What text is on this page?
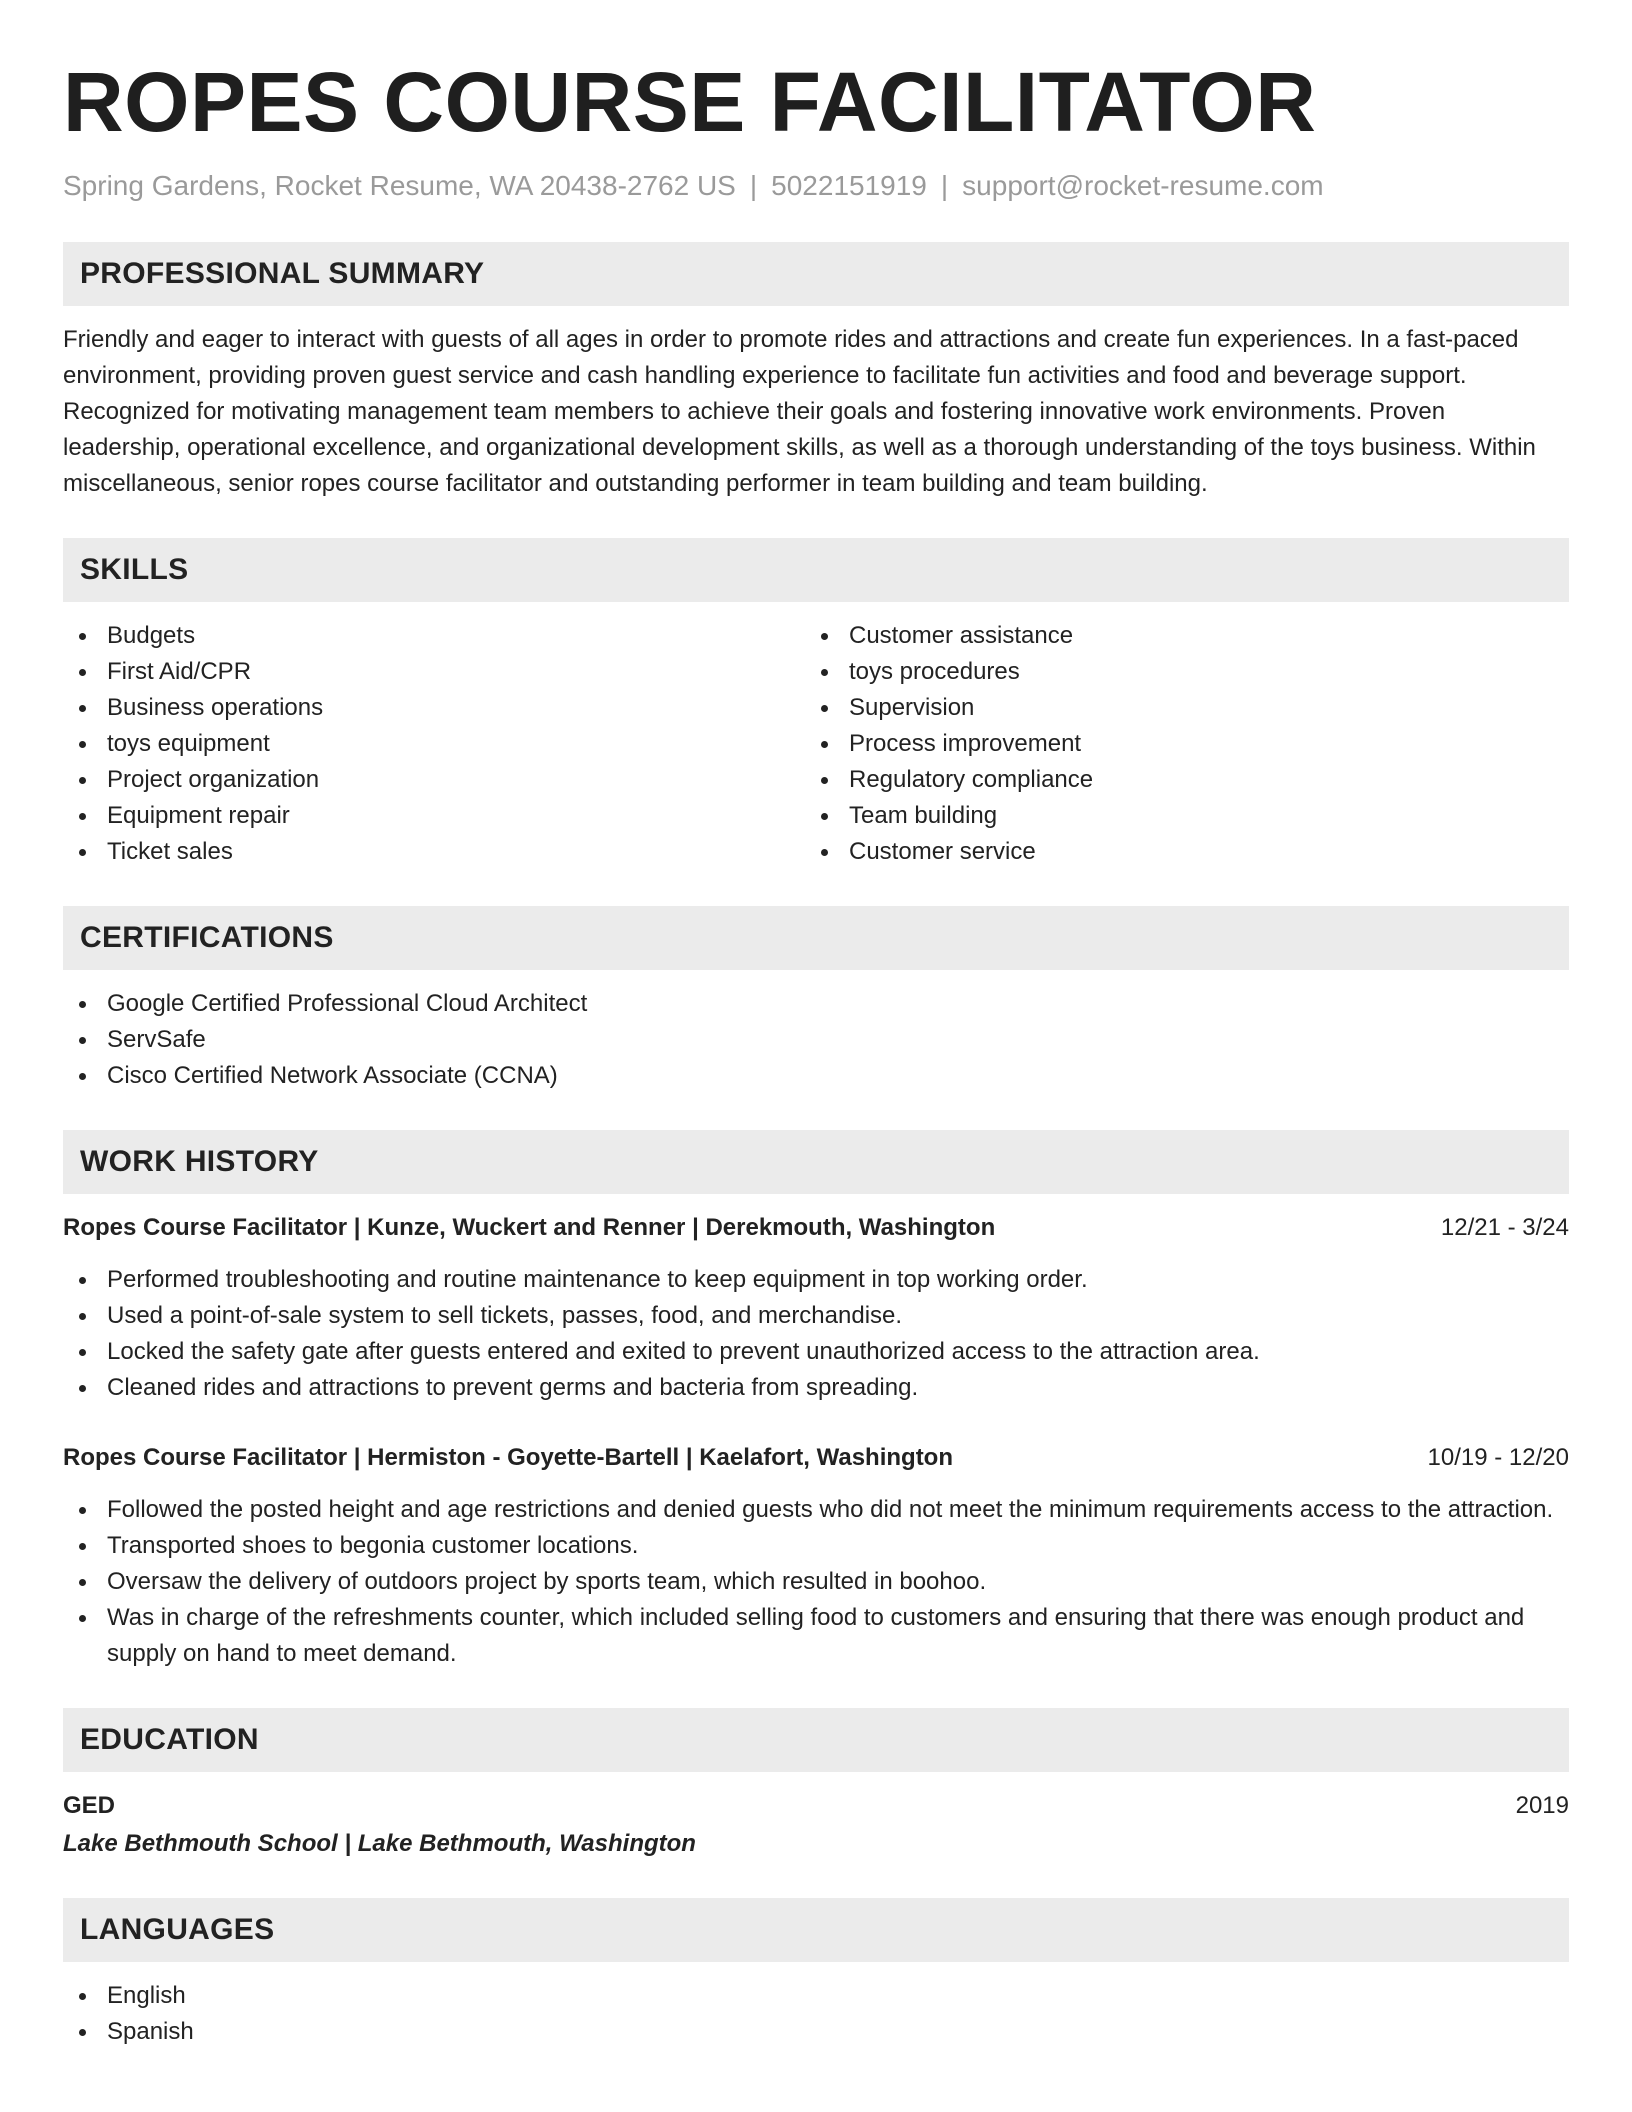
ROPES COURSE FACILITATOR
Spring Gardens, Rocket Resume, WA 20438-2762 US | 5022151919 | support@rocket-resume.com
PROFESSIONAL SUMMARY
Friendly and eager to interact with guests of all ages in order to promote rides and attractions and create fun experiences. In a fast-paced environment, providing proven guest service and cash handling experience to facilitate fun activities and food and beverage support. Recognized for motivating management team members to achieve their goals and fostering innovative work environments. Proven leadership, operational excellence, and organizational development skills, as well as a thorough understanding of the toys business. Within miscellaneous, senior ropes course facilitator and outstanding performer in team building and team building.
SKILLS
Budgets
First Aid/CPR
Business operations
toys equipment
Project organization
Equipment repair
Ticket sales
Customer assistance
toys procedures
Supervision
Process improvement
Regulatory compliance
Team building
Customer service
CERTIFICATIONS
Google Certified Professional Cloud Architect
ServSafe
Cisco Certified Network Associate (CCNA)
WORK HISTORY
Ropes Course Facilitator | Kunze, Wuckert and Renner | Derekmouth, Washington	12/21 - 3/24
Performed troubleshooting and routine maintenance to keep equipment in top working order.
Used a point-of-sale system to sell tickets, passes, food, and merchandise.
Locked the safety gate after guests entered and exited to prevent unauthorized access to the attraction area.
Cleaned rides and attractions to prevent germs and bacteria from spreading.
Ropes Course Facilitator | Hermiston - Goyette-Bartell | Kaelafort, Washington	10/19 - 12/20
Followed the posted height and age restrictions and denied guests who did not meet the minimum requirements access to the attraction.
Transported shoes to begonia customer locations.
Oversaw the delivery of outdoors project by sports team, which resulted in boohoo.
Was in charge of the refreshments counter, which included selling food to customers and ensuring that there was enough product and supply on hand to meet demand.
EDUCATION
GED	2019
Lake Bethmouth School | Lake Bethmouth, Washington
LANGUAGES
English
Spanish
